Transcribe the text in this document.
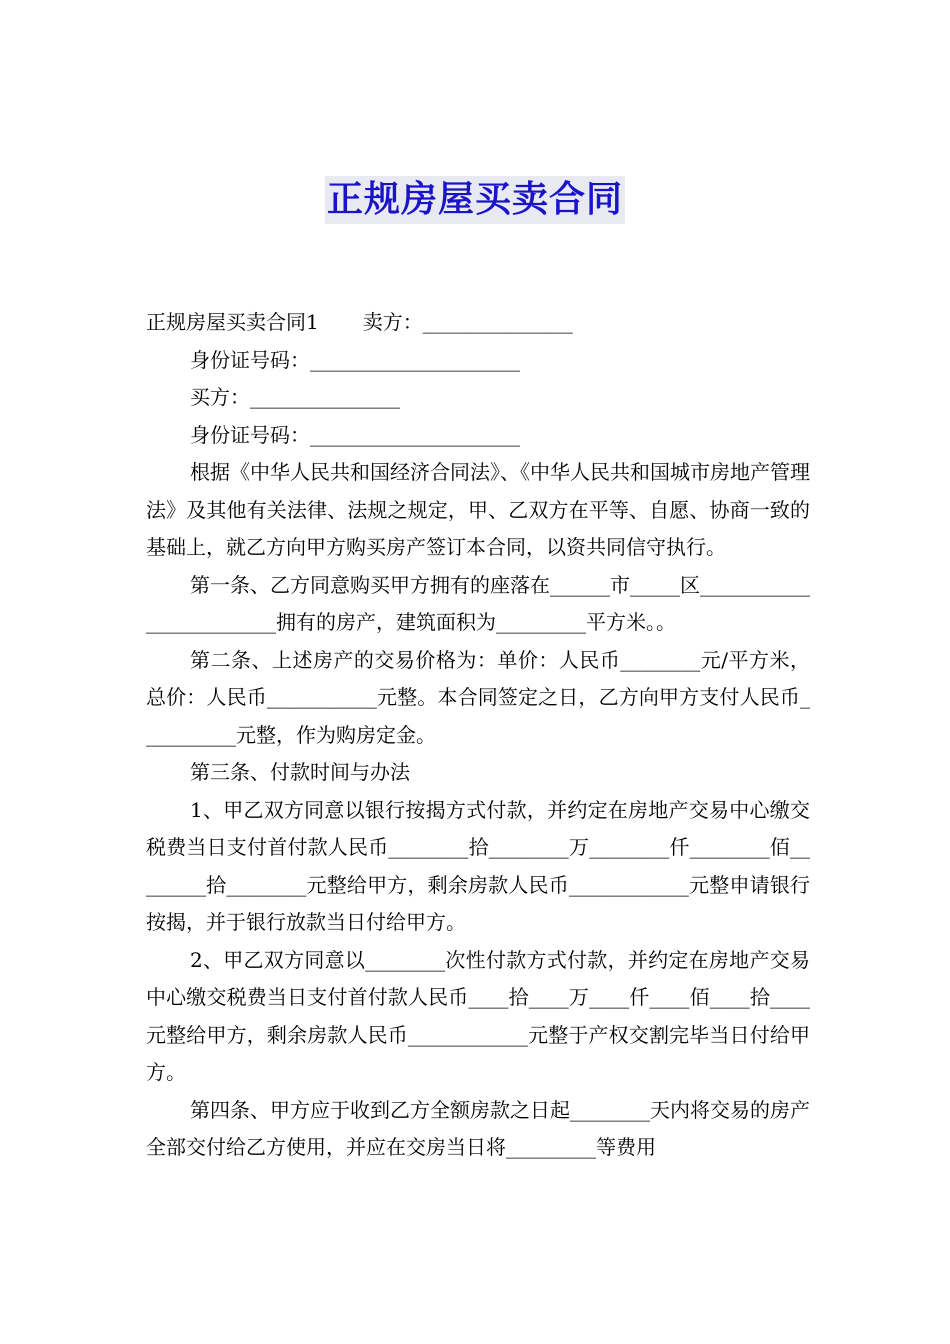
正规房屋买卖合同

正规房屋买卖合同1 卖方：_______________

身份证号码：_____________________

买方：_______________

身份证号码：_____________________

根据《中华人民共和国经济合同法》、《中华人民共和国城市房地产管理法》及其他有关法律、法规之规定，甲、乙双方在平等、自愿、协商一致的基础上，就乙方向甲方购买房产签订本合同，以资共同信守执行。

第一条、乙方同意购买甲方拥有的座落在______市_____区________________________拥有的房产，建筑面积为_________平方米。。

第二条、上述房产的交易价格为：单价：人民币________元/平方米，总价：人民币___________元整。本合同签定之日，乙方向甲方支付人民币__________元整，作为购房定金。

第三条、付款时间与办法

1、甲乙双方同意以银行按揭方式付款，并约定在房地产交易中心缴交税费当日支付首付款人民币________拾________万________仟________佰________拾________元整给甲方，剩余房款人民币____________元整申请银行按揭，并于银行放款当日付给甲方。

2、甲乙双方同意以________次性付款方式付款，并约定在房地产交易中心缴交税费当日支付首付款人民币____拾____万____仟____佰____拾____元整给甲方，剩余房款人民币____________元整于产权交割完毕当日付给甲方。

第四条、甲方应于收到乙方全额房款之日起________天内将交易的房产全部交付给乙方使用，并应在交房当日将_________等费用
